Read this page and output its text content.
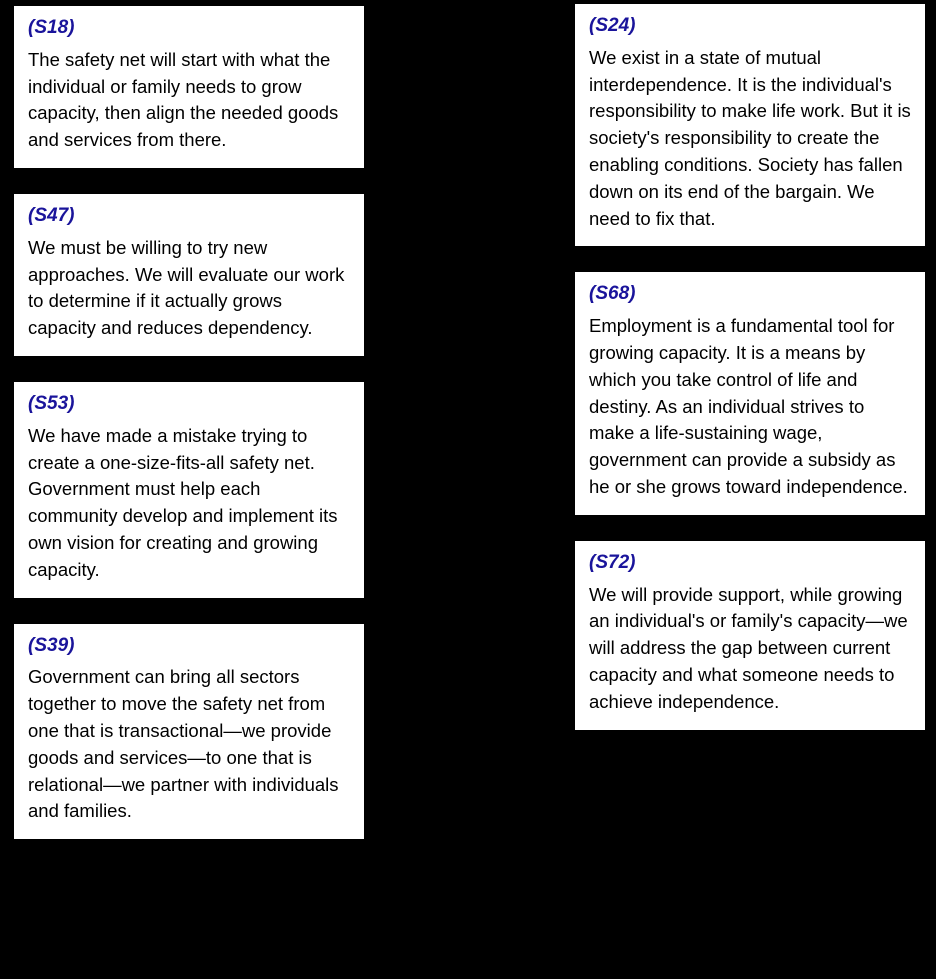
(S18)

The safety net will start with what the individual or family needs to grow capacity, then align the needed goods and services from there.

(S47)

We must be willing to try new approaches. We will evaluate our work to determine if it actually grows capacity and reduces dependency.

(S53)

We have made a mistake trying to create a one-size-fits-all safety net. Government must help each community develop and implement its own vision for creating and growing capacity.

(S39)

Government can bring all sectors together to move the safety net from one that is transactional—we provide goods and services—to one that is relational—we partner with individuals and families.

(S24)

We exist in a state of mutual interdependence. It is the individual's responsibility to make life work. But it is society's responsibility to create the enabling conditions. Society has fallen down on its end of the bargain. We need to fix that.

(S68)

Employment is a fundamental tool for growing capacity. It is a means by which you take control of life and destiny. As an individual strives to make a life-sustaining wage, government can provide a subsidy as he or she grows toward independence.

(S72)

We will provide support, while growing an individual's or family's capacity—we will address the gap between current capacity and what someone needs to achieve independence.
